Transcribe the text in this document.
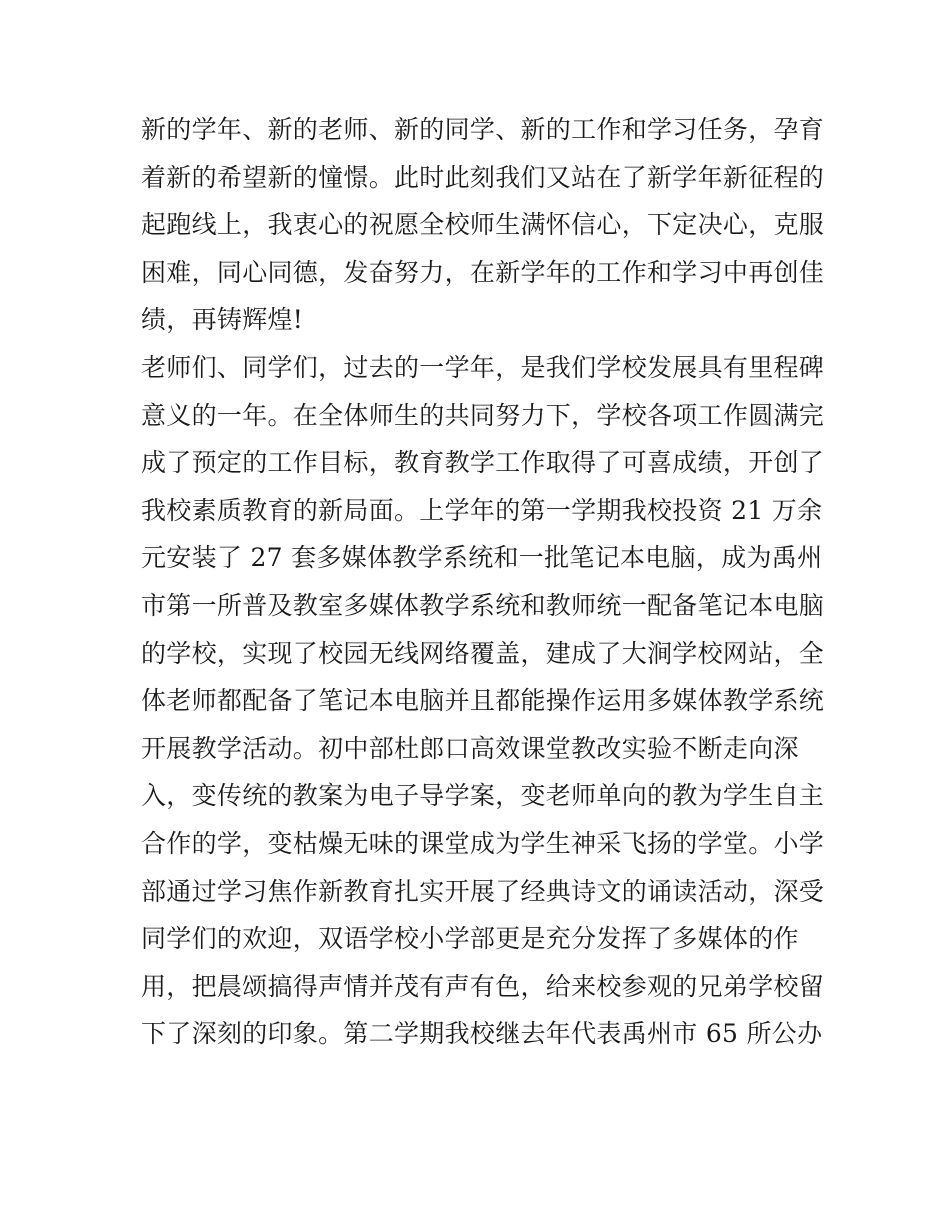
新的学年、新的老师、新的同学、新的工作和学习任务，孕育
着新的希望新的憧憬。此时此刻我们又站在了新学年新征程的
起跑线上，我衷心的祝愿全校师生满怀信心，下定决心，克服
困难，同心同德，发奋努力，在新学年的工作和学习中再创佳
绩，再铸辉煌!
老师们、同学们，过去的一学年，是我们学校发展具有里程碑
意义的一年。在全体师生的共同努力下，学校各项工作圆满完
成了预定的工作目标，教育教学工作取得了可喜成绩，开创了
我校素质教育的新局面。上学年的第一学期我校投资 21 万余
元安装了 27 套多媒体教学系统和一批笔记本电脑，成为禹州
市第一所普及教室多媒体教学系统和教师统一配备笔记本电脑
的学校，实现了校园无线网络覆盖，建成了大涧学校网站，全
体老师都配备了笔记本电脑并且都能操作运用多媒体教学系统
开展教学活动。初中部杜郎口高效课堂教改实验不断走向深
入，变传统的教案为电子导学案，变老师单向的教为学生自主
合作的学，变枯燥无味的课堂成为学生神采飞扬的学堂。小学
部通过学习焦作新教育扎实开展了经典诗文的诵读活动，深受
同学们的欢迎，双语学校小学部更是充分发挥了多媒体的作
用，把晨颂搞得声情并茂有声有色，给来校参观的兄弟学校留
下了深刻的印象。第二学期我校继去年代表禹州市 65 所公办
